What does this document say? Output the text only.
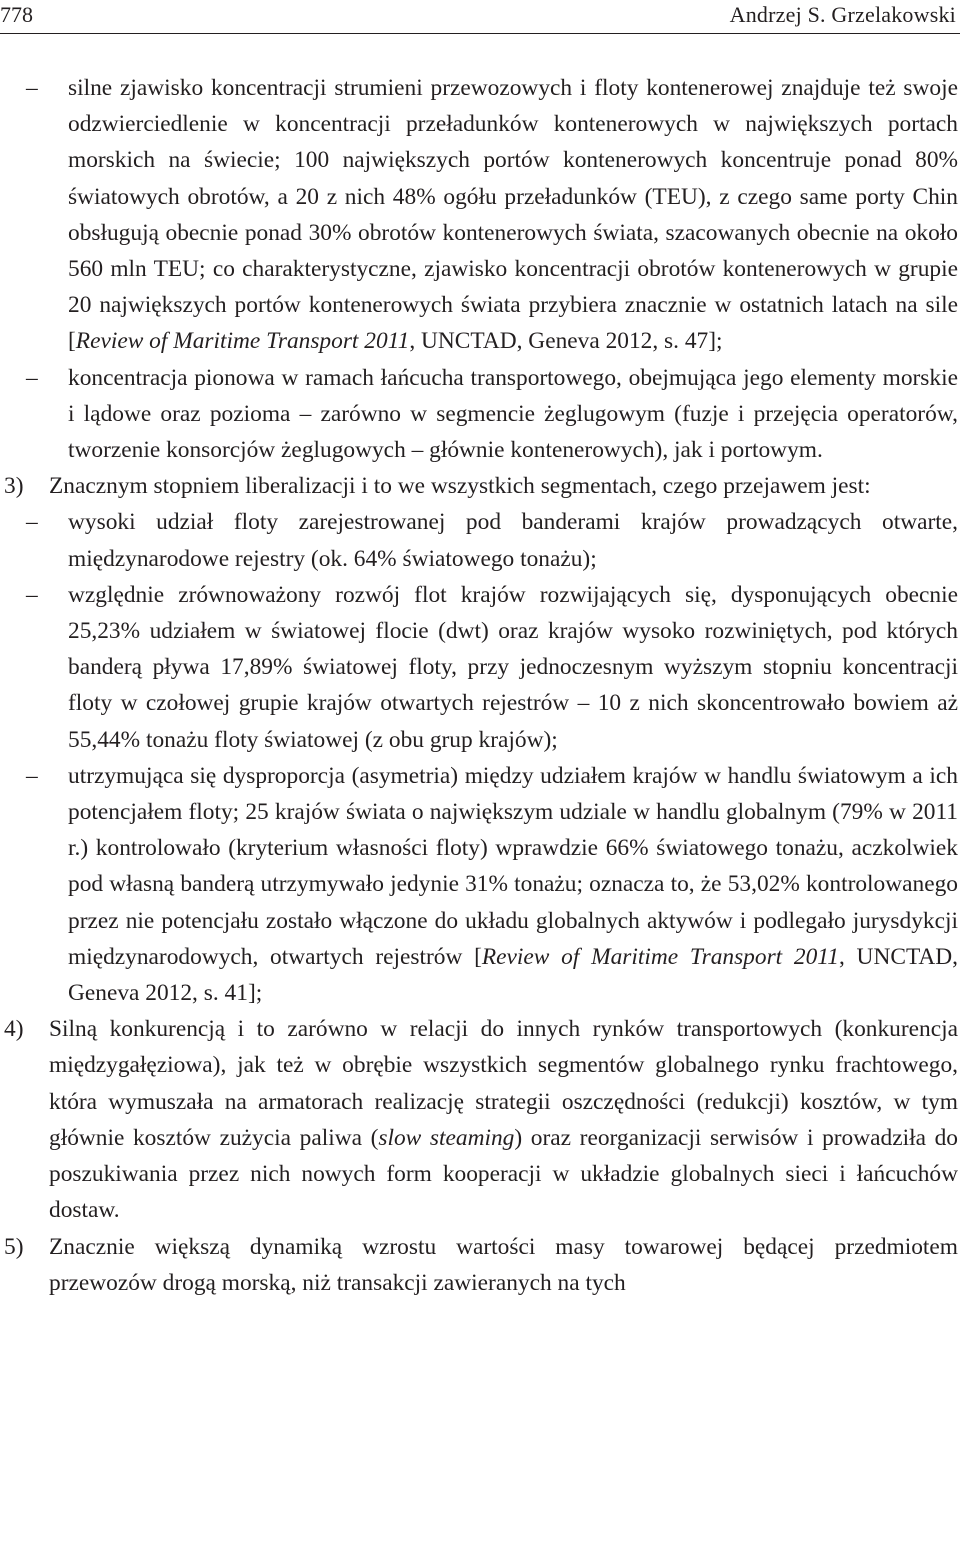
778	Andrzej S. Grzelakowski
–	silne zjawisko koncentracji strumieni przewozowych i floty kontenerowej znajduje też swoje odzwierciedlenie w koncentracji przeładunków kontenerowych w największych portach morskich na świecie; 100 największych portów kontenerowych koncentruje ponad 80% światowych obrotów, a 20 z nich 48% ogółu przeładunków (TEU), z czego same porty Chin obsługują obecnie ponad 30% obrotów kontenerowych świata, szacowanych obecnie na około 560 mln TEU; co charakterystyczne, zjawisko koncentracji obrotów kontenerowych w grupie 20 największych portów kontenerowych świata przybiera znacznie w ostatnich latach na sile [Review of Maritime Transport 2011, UNCTAD, Geneva 2012, s. 47];
–	koncentracja pionowa w ramach łańcucha transportowego, obejmująca jego elementy morskie i lądowe oraz pozioma – zarówno w segmencie żeglugowym (fuzje i przejęcia operatorów, tworzenie konsorcjów żeglugowych – głównie kontenerowych), jak i portowym.
3) Znacznym stopniem liberalizacji i to we wszystkich segmentach, czego przejawem jest:
–	wysoki udział floty zarejestrowanej pod banderami krajów prowadzących otwarte, międzynarodowe rejestry (ok. 64% światowego tonażu);
–	względnie zrównoważony rozwój flot krajów rozwijających się, dysponujących obecnie 25,23% udziałem w światowej flocie (dwt) oraz krajów wysoko rozwiniętych, pod których banderą pływa 17,89% światowej floty, przy jednoczesnym wyższym stopniu koncentracji floty w czołowej grupie krajów otwartych rejestrów – 10 z nich skoncentrowało bowiem aż 55,44% tonażu floty światowej (z obu grup krajów);
–	utrzymująca się dysproporcja (asymetria) między udziałem krajów w handlu światowym a ich potencjałem floty; 25 krajów świata o największym udziale w handlu globalnym (79% w 2011 r.) kontrolowało (kryterium własności floty) wprawdzie 66% światowego tonażu, aczkolwiek pod własną banderą utrzymywało jedynie 31% tonażu; oznacza to, że 53,02% kontrolowanego przez nie potencjału zostało włączone do układu globalnych aktywów i podlegało jurysdykcji międzynarodowych, otwartych rejestrów [Review of Maritime Transport 2011, UNCTAD, Geneva 2012, s. 41];
4) Silną konkurencją i to zarówno w relacji do innych rynków transportowych (konkurencja międzygałęziowa), jak też w obrębie wszystkich segmentów globalnego rynku frachtowego, która wymuszała na armatorach realizację strategii oszczędności (redukcji) kosztów, w tym głównie kosztów zużycia paliwa (slow steaming) oraz reorganizacji serwisów i prowadziła do poszukiwania przez nich nowych form kooperacji w układzie globalnych sieci i łańcuchów dostaw.
5) Znacznie większą dynamiką wzrostu wartości masy towarowej będącej przedmiotem przewozów drogą morską, niż transakcji zawieranych na tych
